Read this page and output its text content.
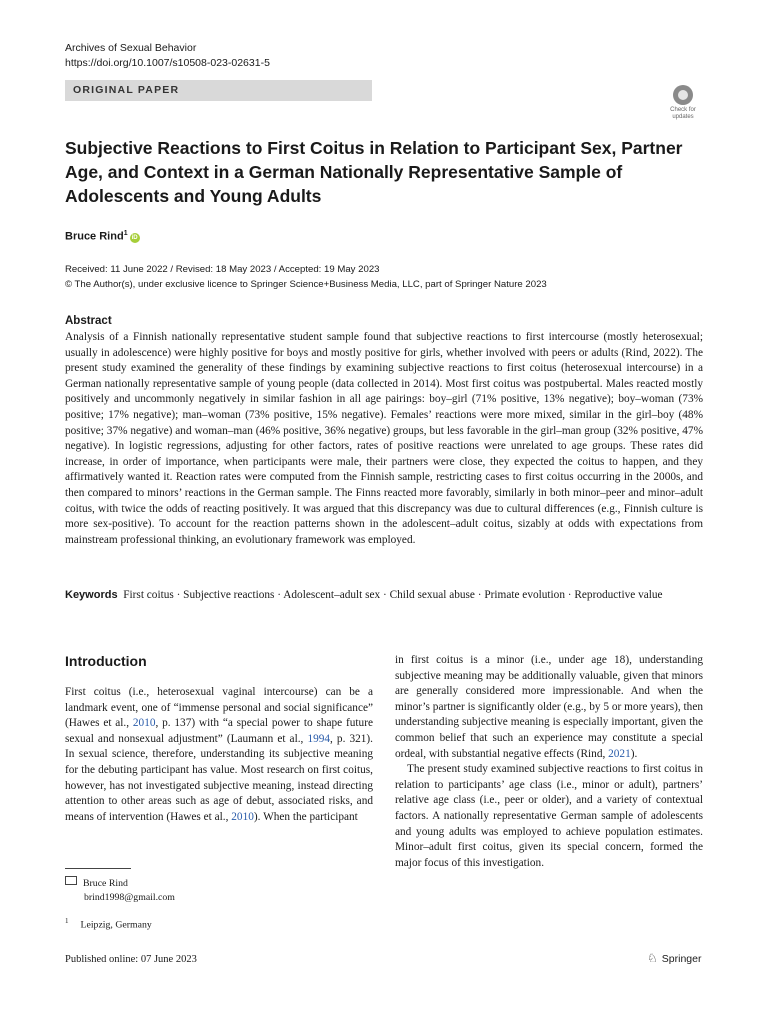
Archives of Sexual Behavior
https://doi.org/10.1007/s10508-023-02631-5
ORIGINAL PAPER
Check for
updates
Subjective Reactions to First Coitus in Relation to Participant Sex, Partner Age, and Context in a German Nationally Representative Sample of Adolescents and Young Adults
Bruce Rind$^1$iD
Received: 11 June 2022 / Revised: 18 May 2023 / Accepted: 19 May 2023
© The Author(s), under exclusive licence to Springer Science+Business Media, LLC, part of Springer Nature 2023
Abstract

Analysis of a Finnish nationally representative student sample found that subjective reactions to first intercourse (mostly heterosexual; usually in adolescence) were highly positive for boys and mostly positive for girls, whether involved with peers or adults (Rind, 2022). The present study examined the generality of these findings by examining subjective reactions to first coitus (heterosexual intercourse) in a German nationally representative sample of young people (data collected in 2014). Most first coitus was postpubertal. Males reacted mostly positively and uncommonly negatively in similar fashion in all age pairings: boy–girl (71% positive, 13% negative); boy–woman (73% positive; 17% negative); man–woman (73% positive, 15% negative). Females’ reactions were more mixed, similar in the girl–boy (48% positive; 37% negative) and woman–man (46% positive, 36% negative) groups, but less favorable in the girl–man group (32% positive, 47% negative). In logistic regressions, adjusting for other factors, rates of positive reactions were unrelated to age groups. These rates did increase, in order of importance, when participants were male, their partners were close, they expected the coitus to happen, and they affirmatively wanted it. Reaction rates were computed from the Finnish sample, restricting cases to first coitus occurring in the 2000s, and then compared to minors’ reactions in the German sample. The Finns reacted more favorably, similarly in both minor–peer and minor–adult coitus, with twice the odds of reacting positively. It was argued that this discrepancy was due to cultural differences (e.g., Finnish culture is more sex-positive). To account for the reaction patterns shown in the adolescent–adult coitus, sizably at odds with expectations from mainstream professional thinking, an evolutionary framework was employed.

Keywords First coitus · Subjective reactions · Adolescent–adult sex · Child sexual abuse · Primate evolution · Reproductive value

Introduction

First coitus (i.e., heterosexual vaginal intercourse) can be a landmark event, one of “immense personal and social significance” (Hawes et al., 2010, p. 137) with “a special power to shape future sexual and nonsexual adjustment” (Laumann et al., 1994, p. 321). In sexual science, therefore, understanding its subjective meaning for the debuting participant has value. Most research on first coitus, however, has not investigated subjective meaning, instead directing attention to other areas such as age of debut, associated risks, and means of intervention (Hawes et al., 2010). When the participant

in first coitus is a minor (i.e., under age 18), understanding subjective meaning may be additionally valuable, given that minors are generally considered more impressionable. And when the minor’s partner is significantly older (e.g., by 5 or more years), then understanding subjective meaning is especially important, given the common belief that such an experience may constitute a special ordeal, with substantial negative effects (Rind, 2021).

The present study examined subjective reactions to first coitus in relation to participants’ age class (i.e., minor or adult), partners’ relative age class (i.e., peer or older), and a variety of contextual factors. A nationally representative German sample of adolescents and young adults was employed to achieve population estimates. Minor–adult first coitus, given its special concern, formed the major focus of this investigation.

Bruce Rind
brind1998@gmail.com
$^1$ Leipzig, Germany
Published online: 07 June 2023	♘ Springer
